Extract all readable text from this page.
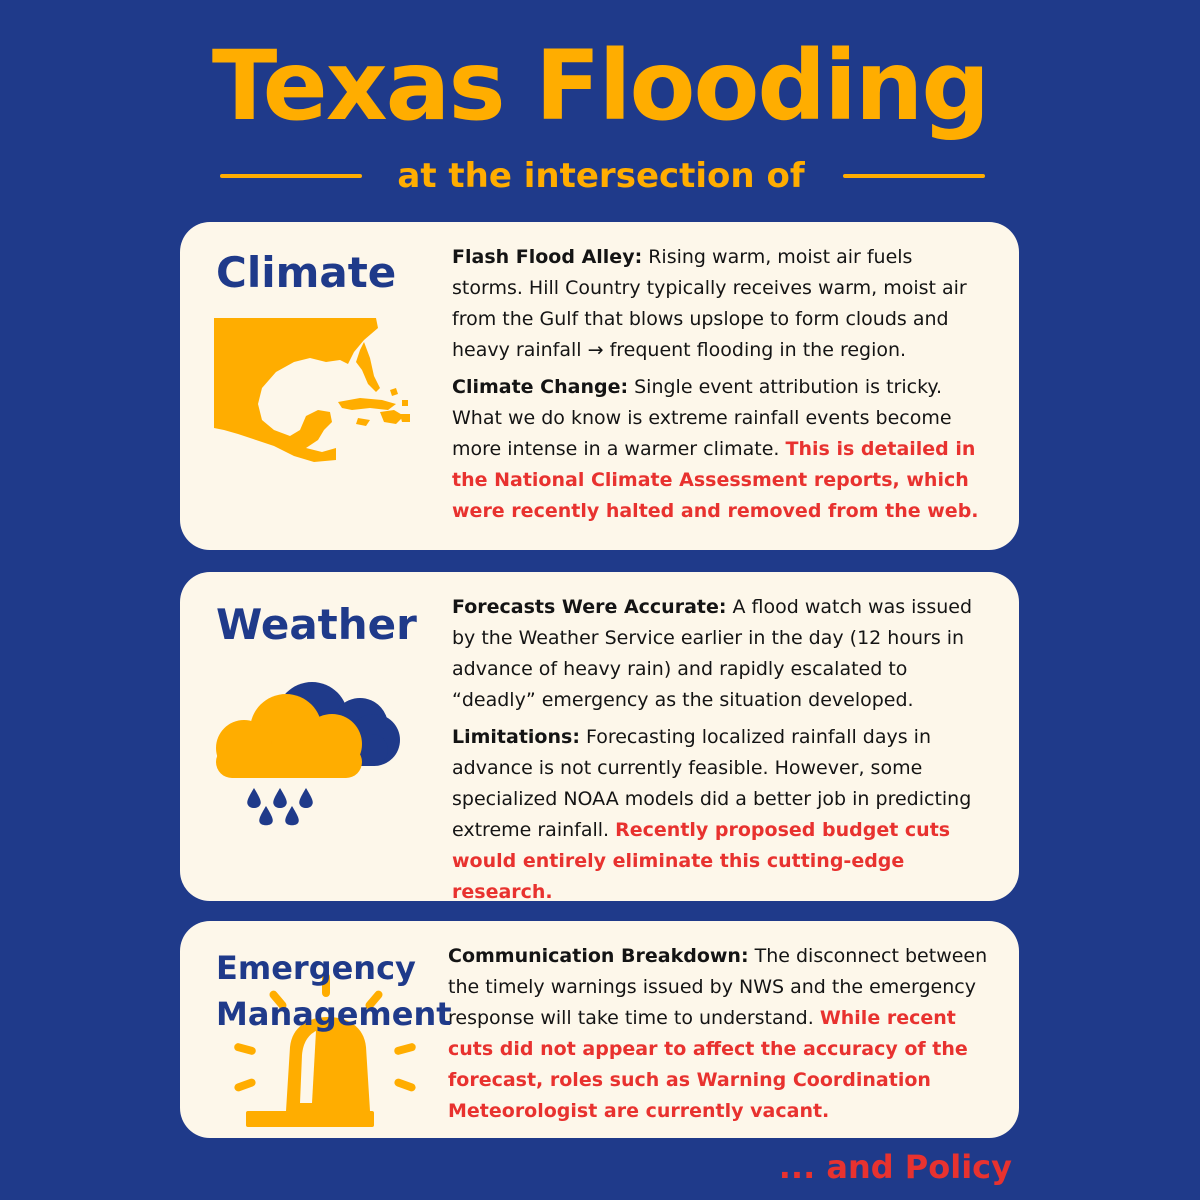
Texas Flooding
at the intersection of
Climate	Flash Flood Alley: Rising warm, moist air fuels storms. Hill Country typically receives warm, moist air from the Gulf that blows upslope to form clouds and heavy rainfall → frequent flooding in the region.

Climate Change: Single event attribution is tricky. What we do know is extreme rainfall events become more intense in a warmer climate. This is detailed in the National Climate Assessment reports, which were recently halted and removed from the web.

Weather Forecasts Were Accurate: A flood watch was issued by the Weather Service earlier in the day (12 hours in advance of heavy rain) and rapidly escalated to “deadly” emergency as the situation developed.

Limitations: Forecasting localized rainfall days in advance is not currently feasible. However, some specialized NOAA models did a better job in predicting extreme rainfall. Recently proposed budget cuts would entirely eliminate this cutting-edge research.

Emergency
Management

Communication Breakdown: The disconnect between the timely warnings issued by NWS and the emergency response will take time to understand. While recent cuts did not appear to affect the accuracy of the forecast, roles such as Warning Coordination Meteorologist are currently vacant.

... and Policy
